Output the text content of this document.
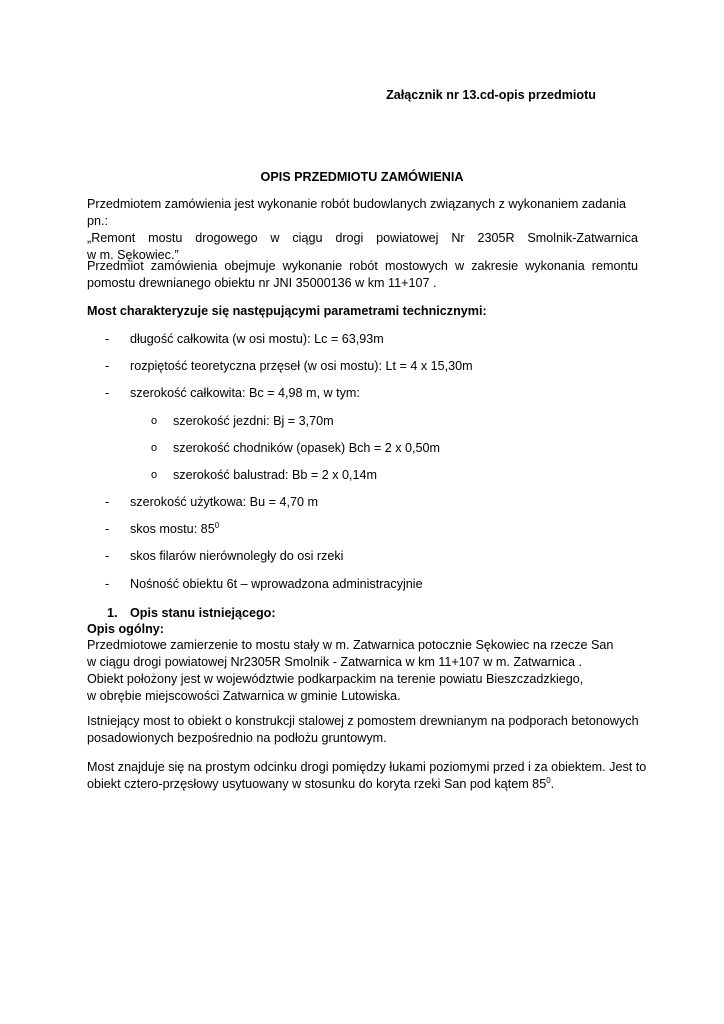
Załącznik nr 13.cd-opis przedmiotu
OPIS PRZEDMIOTU ZAMÓWIENIA
Przedmiotem zamówienia jest wykonanie robót budowlanych związanych z wykonaniem zadania pn.:
„Remont mostu drogowego w ciągu drogi powiatowej Nr 2305R Smolnik-Zatwarnica
w m. Sękowiec.”
Przedmiot zamówienia obejmuje wykonanie robót mostowych w zakresie wykonania remontu
pomostu drewnianego obiektu nr JNI 35000136 w km 11+107 .
Most charakteryzuje się następującymi parametrami technicznymi:
- długość całkowita (w osi mostu): Lc = 63,93m
- rozpiętość teoretyczna przęseł (w osi mostu): Lt = 4 x 15,30m
- szerokość całkowita: Bc = 4,98 m, w tym:
o szerokość jezdni: Bj = 3,70m
o szerokość chodników (opasek) Bch = 2 x 0,50m
o szerokość balustrad: Bb = 2 x 0,14m
- szerokość użytkowa: Bu = 4,70 m
- skos mostu: $85^0$
- skos filarów nierównoległy do osi rzeki
- Nośność obiektu 6t – wprowadzona administracyjnie
1. Opis stanu istniejącego:
Opis ogólny:
Przedmiotowe zamierzenie to mostu stały w m. Zatwarnica potocznie Sękowiec na rzecze San
w ciągu drogi powiatowej Nr2305R Smolnik - Zatwarnica w km 11+107 w m. Zatwarnica .
Obiekt położony jest w województwie podkarpackim na terenie powiatu Bieszczadzkiego,
w obrębie miejscowości Zatwarnica w gminie Lutowiska.
Istniejący most to obiekt o konstrukcji stalowej z pomostem drewnianym na podporach betonowych
posadowionych bezpośrednio na podłożu gruntowym.
Most znajduje się na prostym odcinku drogi pomiędzy łukami poziomymi przed i za obiektem. Jest to
obiekt cztero-przęsłowy usytuowany w stosunku do koryta rzeki San pod kątem $85^0$.
